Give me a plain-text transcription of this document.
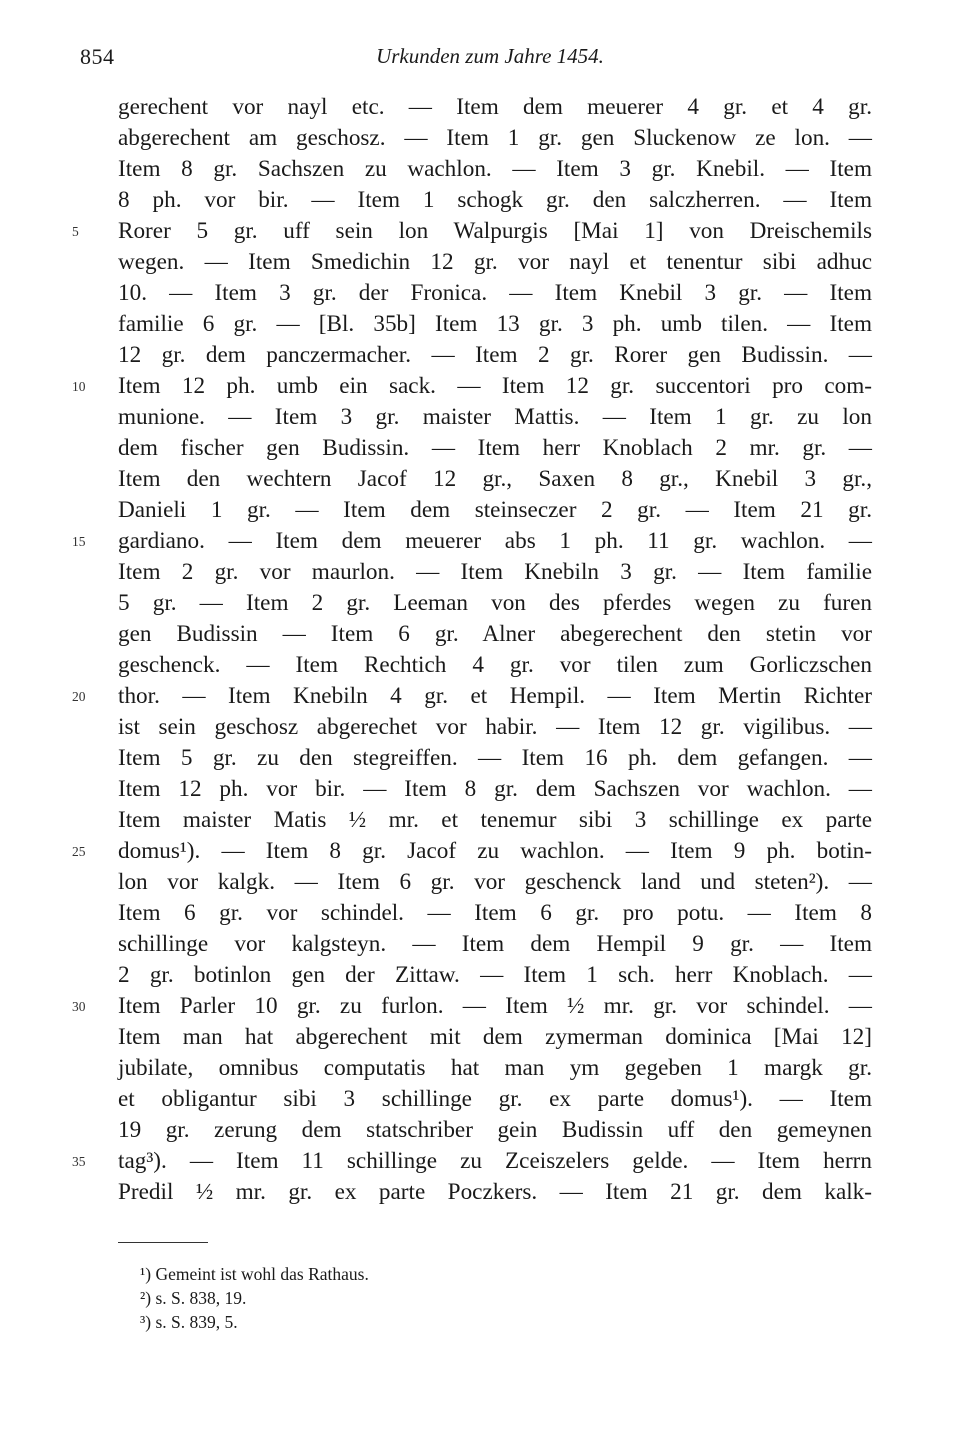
854	Urkunden zum Jahre 1454.
gerechent vor nayl etc. — Item dem meuerer 4 gr. et 4 gr.
abgerechent am geschosz. — Item 1 gr. gen Sluckenow ze lon. —
Item 8 gr. Sachszen zu wachlon. — Item 3 gr. Knebil. — Item
8 ph. vor bir. — Item 1 schogk gr. den salczherren. — Item
5	Rorer 5 gr. uff sein lon Walpurgis [Mai 1] von Dreischemils
wegen. — Item Smedichin 12 gr. vor nayl et tenentur sibi adhuc
10. — Item 3 gr. der Fronica. — Item Knebil 3 gr. — Item
familie 6 gr. — [Bl. 35b] Item 13 gr. 3 ph. umb tilen. — Item
12 gr. dem panczermacher. — Item 2 gr. Rorer gen Budissin. —
10	Item 12 ph. umb ein sack. — Item 12 gr. succentori pro com-
munione. — Item 3 gr. maister Mattis. — Item 1 gr. zu lon
dem fischer gen Budissin. — Item herr Knoblach 2 mr. gr. —
Item den wechtern Jacof 12 gr., Saxen 8 gr., Knebil 3 gr.,
Danieli 1 gr. — Item dem steinseczer 2 gr. — Item 21 gr.
15	gardiano. — Item dem meuerer abs 1 ph. 11 gr. wachlon. —
Item 2 gr. vor maurlon. — Item Knebiln 3 gr. — Item familie
5 gr. — Item 2 gr. Leeman von des pferdes wegen zu furen
gen Budissin — Item 6 gr. Alner abegerechent den stetin vor
geschenck. — Item Rechtich 4 gr. vor tilen zum Gorliczschen
20	thor. — Item Knebiln 4 gr. et Hempil. — Item Mertin Richter
ist sein geschosz abgerechet vor habir. — Item 12 gr. vigilibus. —
Item 5 gr. zu den stegreiffen. — Item 16 ph. dem gefangen. —
Item 12 ph. vor bir. — Item 8 gr. dem Sachszen vor wachlon. —
Item maister Matis ½ mr. et tenemur sibi 3 schillinge ex parte
25	domus¹). — Item 8 gr. Jacof zu wachlon. — Item 9 ph. botin-
lon vor kalgk. — Item 6 gr. vor geschenck land und steten²). —
Item 6 gr. vor schindel. — Item 6 gr. pro potu. — Item 8
schillinge vor kalgsteyn. — Item dem Hempil 9 gr. — Item
2 gr. botinlon gen der Zittaw. — Item 1 sch. herr Knoblach. —
30	Item Parler 10 gr. zu furlon. — Item ½ mr. gr. vor schindel. —
Item man hat abgerechent mit dem zymerman dominica [Mai 12]
jubilate, omnibus computatis hat man ym gegeben 1 margk gr.
et obligantur sibi 3 schillinge gr. ex parte domus¹). — Item
19 gr. zerung dem statschriber gein Budissin uff den gemeynen
35	tag³). — Item 11 schillinge zu Zceiszelers gelde. — Item herrn
Predil ½ mr. gr. ex parte Poczkers. — Item 21 gr. dem kalk-
¹) Gemeint ist wohl das Rathaus.
²) s. S. 838, 19.
³) s. S. 839, 5.
